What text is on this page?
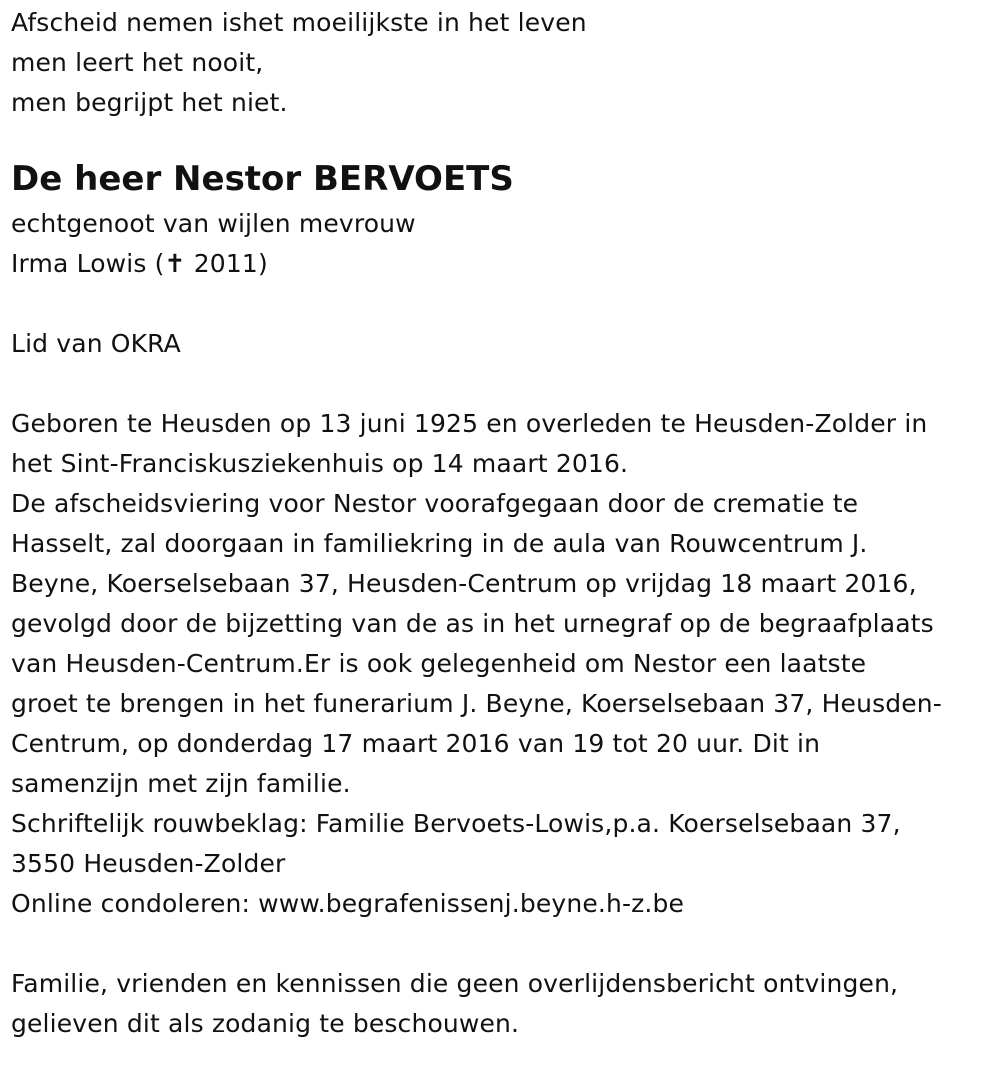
Afscheid nemen ishet moeilijkste in het leven
men leert het nooit,
men begrijpt het niet.
De heer Nestor BERVOETS
echtgenoot van wijlen mevrouw
Irma Lowis (✝ 2011)
Lid van OKRA
Geboren te Heusden op 13 juni 1925 en overleden te Heusden-Zolder in
het Sint-Franciskusziekenhuis op 14 maart 2016.
De afscheidsviering voor Nestor voorafgegaan door de crematie te
Hasselt, zal doorgaan in familiekring in de aula van Rouwcentrum J.
Beyne, Koerselsebaan 37, Heusden-Centrum op vrijdag 18 maart 2016,
gevolgd door de bijzetting van de as in het urnegraf op de begraafplaats
van Heusden-Centrum.Er is ook gelegenheid om Nestor een laatste
groet te brengen in het funerarium J. Beyne, Koerselsebaan 37, Heusden-
Centrum, op donderdag 17 maart 2016 van 19 tot 20 uur. Dit in
samenzijn met zijn familie.
Schriftelijk rouwbeklag: Familie Bervoets-Lowis,p.a. Koerselsebaan 37,
3550 Heusden-Zolder
Online condoleren: www.begrafenissenj.beyne.h-z.be
Familie, vrienden en kennissen die geen overlijdensbericht ontvingen,
gelieven dit als zodanig te beschouwen.
